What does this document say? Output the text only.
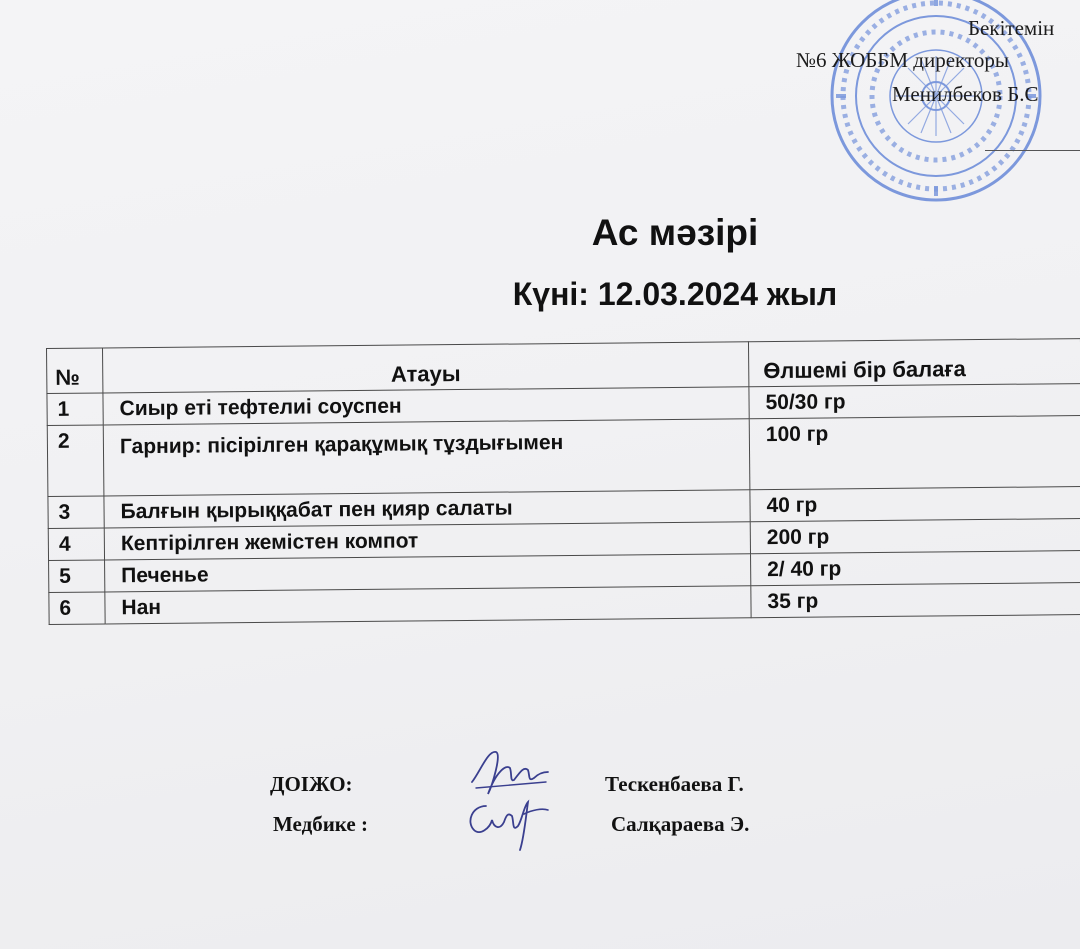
Бекітемін
№6 ЖОББМ директоры
Менилбеков Б.С
Ас мәзірі
Күні: 12.03.2024 жыл
№	Атауы	Өлшемі бір балаға
1	Сиыр еті тефтелиі соуспен	50/30 гр
2	Гарнир: пісірілген қарақұмық тұздығымен	100 гр
3	Балғын қырыққабат пен қияр салаты	40 гр
4	Кептірілген жемістен компот	200 гр
5	Печенье	2/ 40 гр
6	Нан	35 гр
ДОІЖО:	Тескенбаева Г.
Медбике :	Салқараева Э.
